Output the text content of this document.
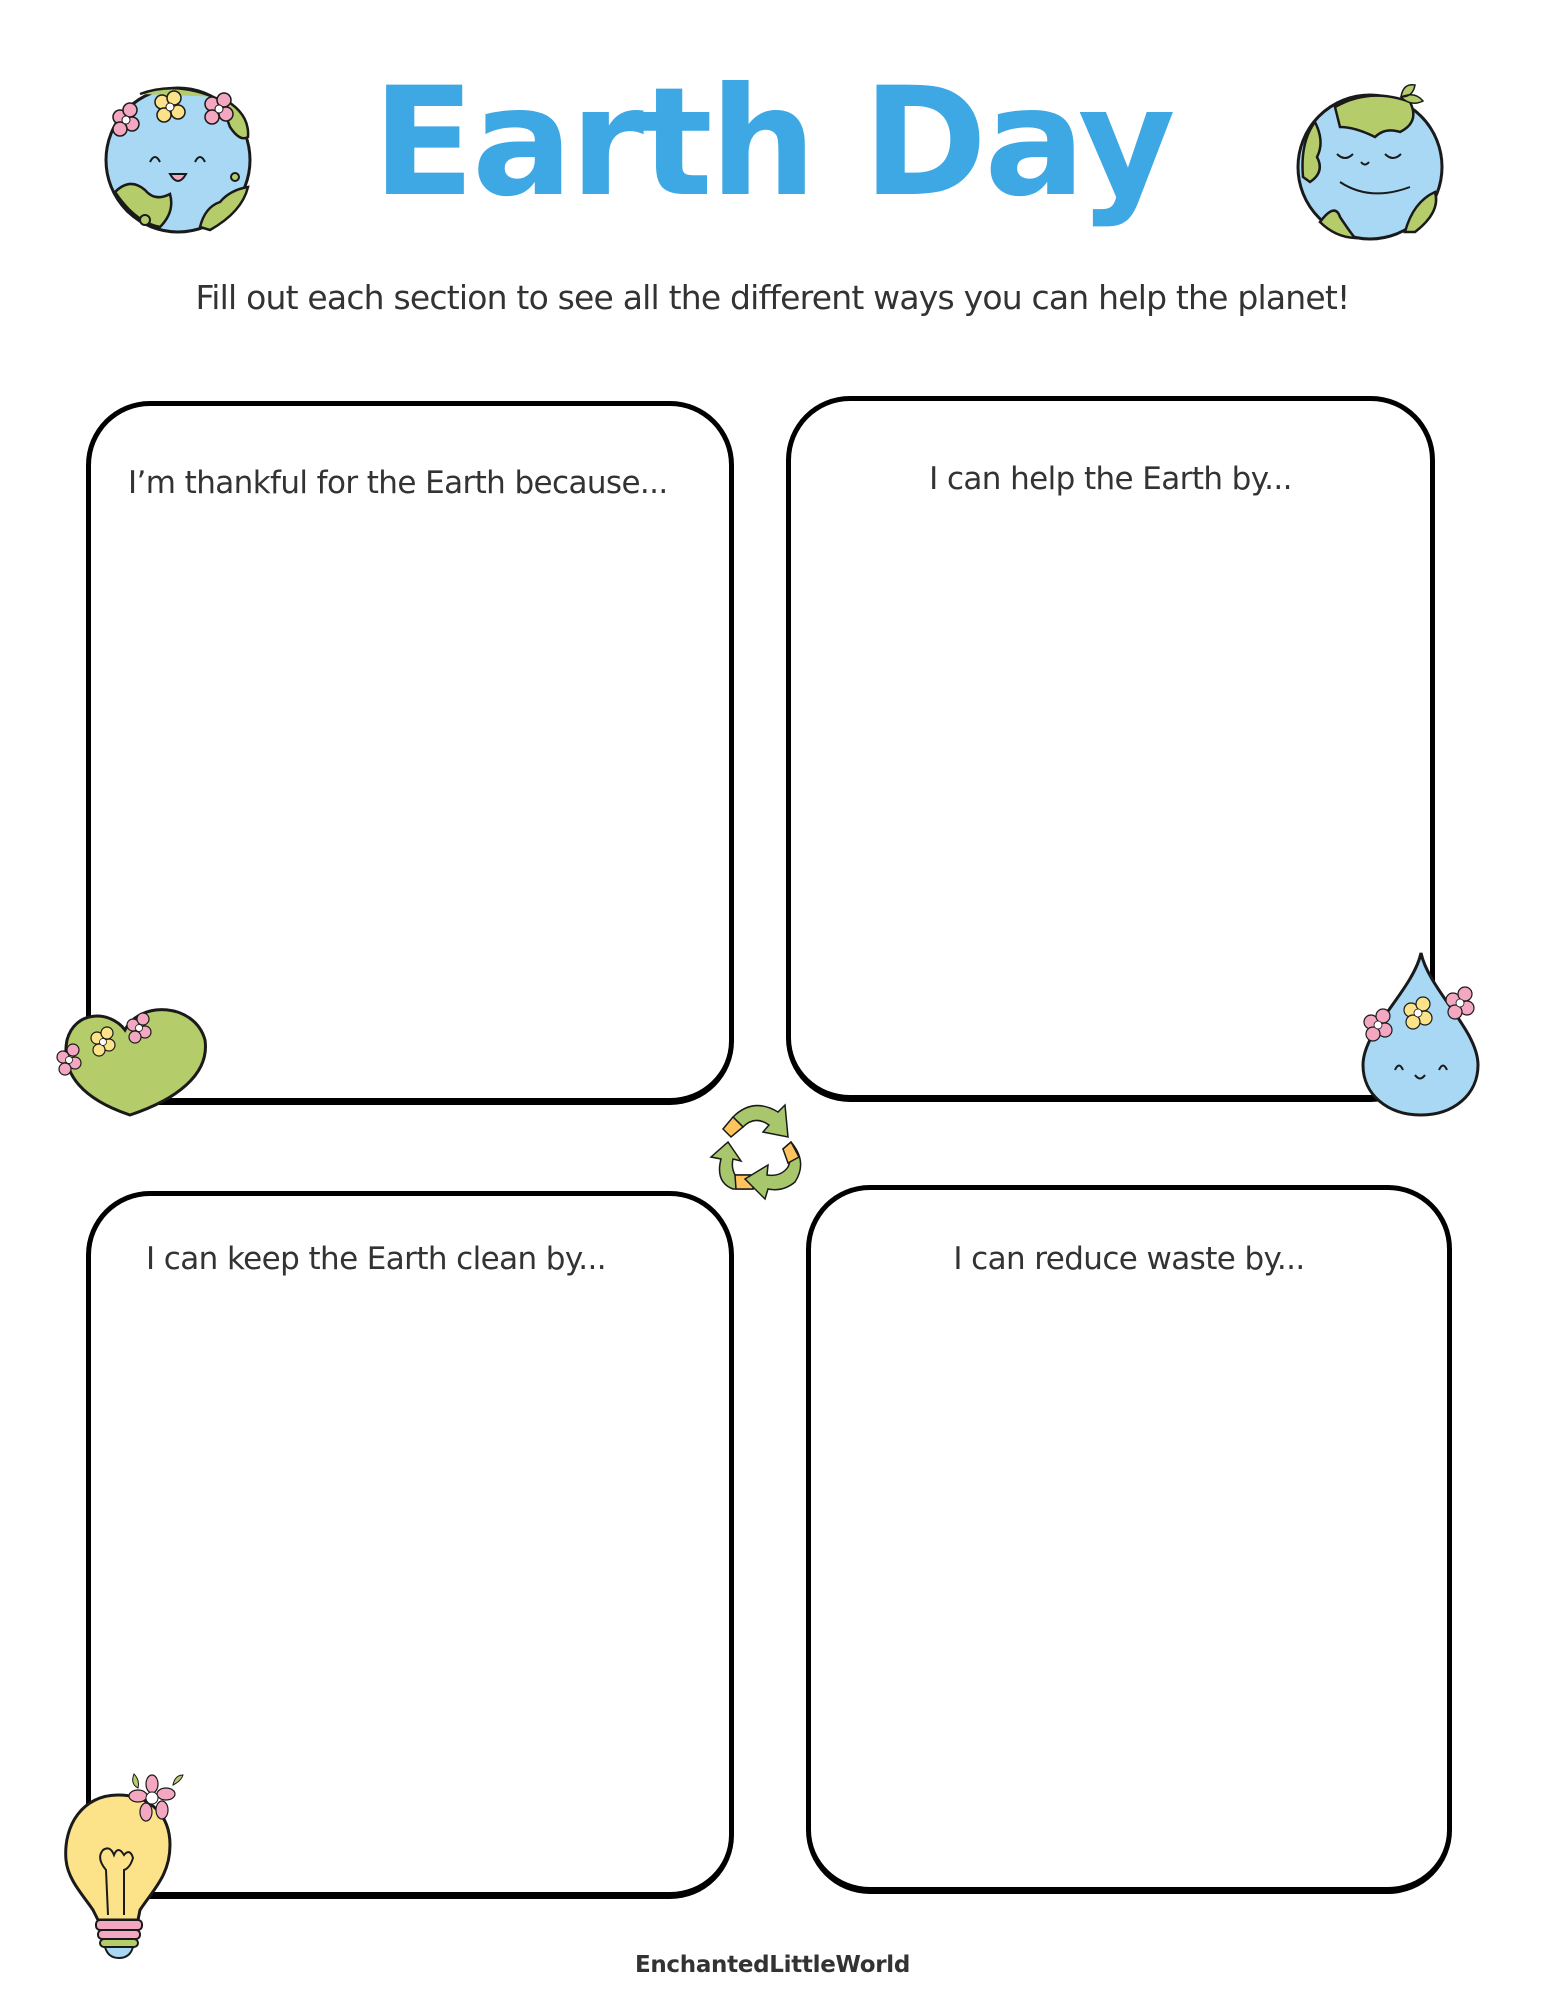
Earth Day
Fill out each section to see all the different ways you can help the planet!
I’m thankful for the Earth because...	I can help the Earth by...
I can keep the Earth clean by...	I can reduce waste by...
EnchantedLittleWorld
